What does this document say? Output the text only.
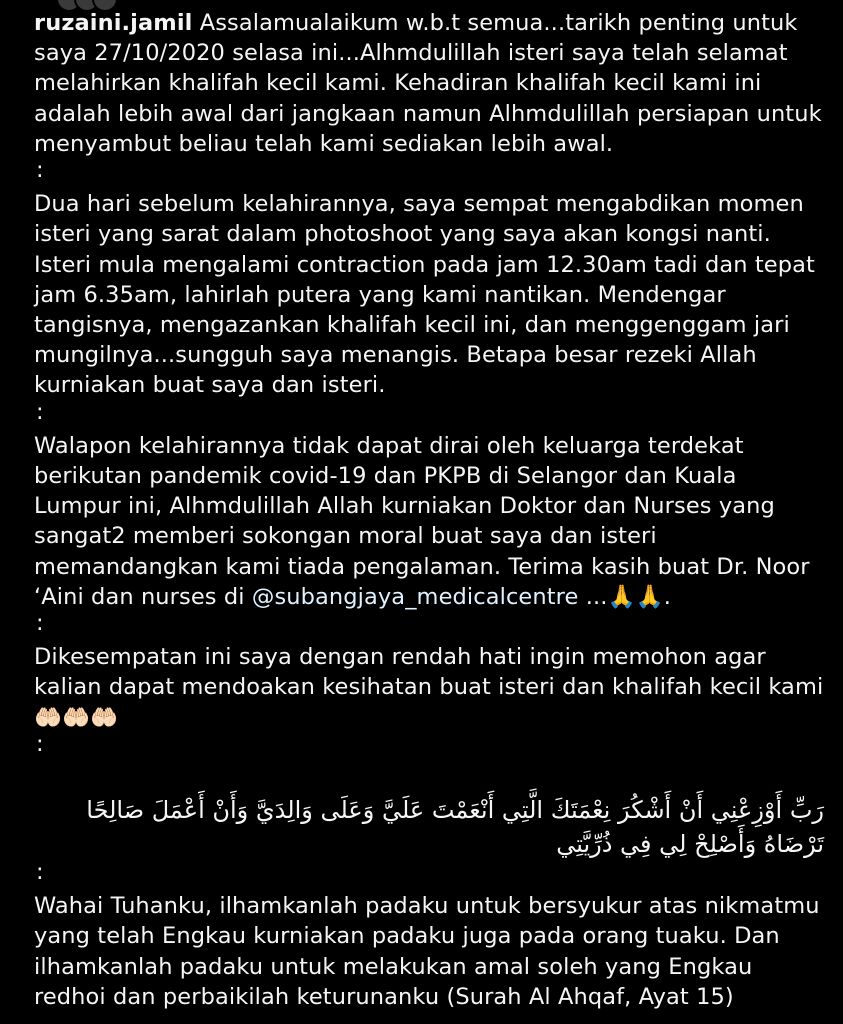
ruzaini.jamil Assalamualaikum w.b.t semua...tarikh penting untuk saya 27/10/2020 selasa ini...Alhmdulillah isteri saya telah selamat melahirkan khalifah kecil kami. Kehadiran khalifah kecil kami ini adalah lebih awal dari jangkaan namun Alhmdulillah persiapan untuk menyambut beliau telah kami sediakan lebih awal.

:

Dua hari sebelum kelahirannya, saya sempat mengabdikan momen isteri yang sarat dalam photoshoot yang saya akan kongsi nanti. Isteri mula mengalami contraction pada jam 12.30am tadi dan tepat jam 6.35am, lahirlah putera yang kami nantikan. Mendengar tangisnya, mengazankan khalifah kecil ini, dan menggenggam jari mungilnya...sungguh saya menangis. Betapa besar rezeki Allah kurniakan buat saya dan isteri.

:

Walapon kelahirannya tidak dapat dirai oleh keluarga terdekat berikutan pandemik covid-19 dan PKPB di Selangor dan Kuala Lumpur ini, Alhmdulillah Allah kurniakan Doktor dan Nurses yang sangat2 memberi sokongan moral buat saya dan isteri memandangkan kami tiada pengalaman. Terima kasih buat Dr. Noor ‘Aini dan nurses di @subangjaya_medicalcentre ...🙏🙏.

:

Dikesempatan ini saya dengan rendah hati ingin memohon agar kalian dapat mendoakan kesihatan buat isteri dan khalifah kecil kami🤲🏻🤲🏻🤲🏻

:

رَبِّ أَوْزِعْنِي أَنْ أَشْكُرَ نِعْمَتَكَ الَّتِي أَنْعَمْتَ عَلَيَّ وَعَلَى وَالِدَيَّ وَأَنْ أَعْمَلَ صَالِحًا تَرْضَاهُ وَأَصْلِحْ لِي فِي ذُرِّيَّتِي

:

Wahai Tuhanku, ilhamkanlah padaku untuk bersyukur atas nikmatmu yang telah Engkau kurniakan padaku juga pada orang tuaku. Dan ilhamkanlah padaku untuk melakukan amal soleh yang Engkau redhoi dan perbaikilah keturunanku (Surah Al Ahqaf, Ayat 15)
